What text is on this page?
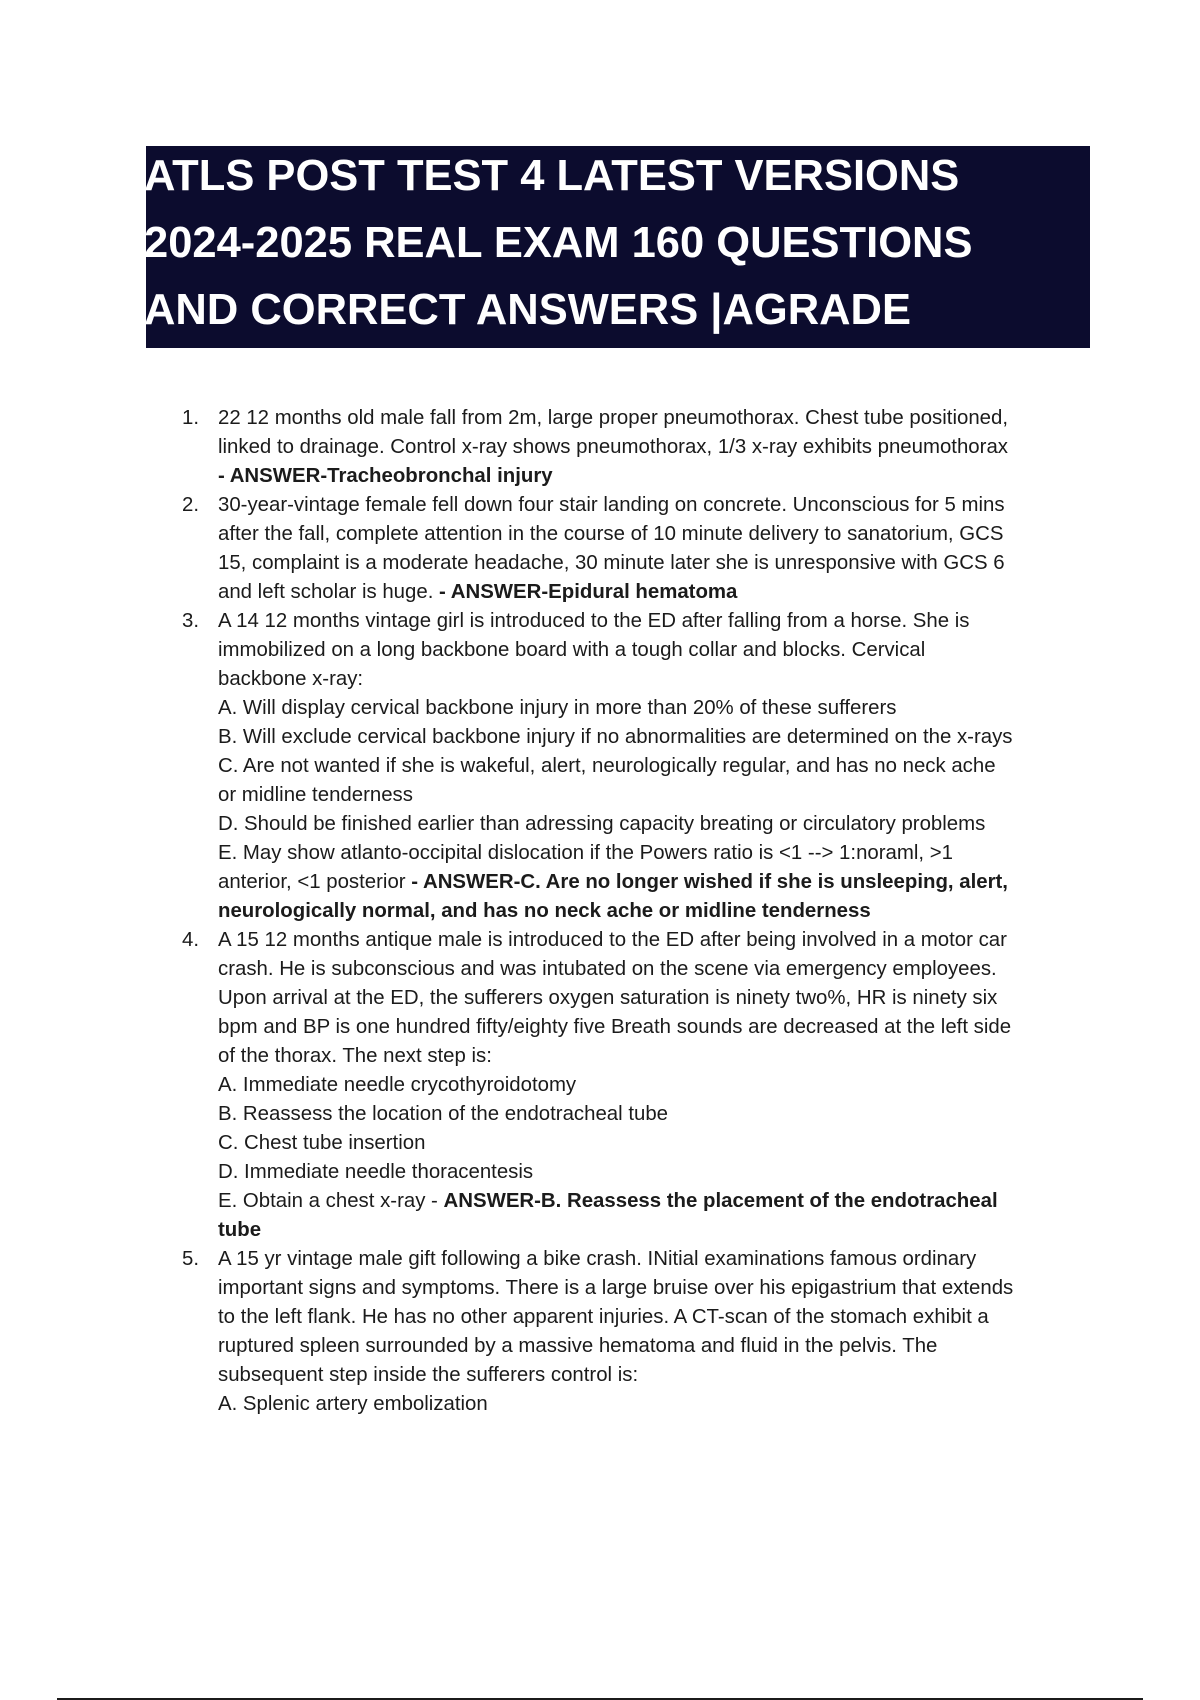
ATLS POST TEST 4 LATEST VERSIONS
2024-2025 REAL EXAM 160 QUESTIONS
AND CORRECT ANSWERS |AGRADE
1. 22 12 months old male fall from 2m, large proper pneumothorax. Chest tube positioned,
linked to drainage. Control x-ray shows pneumothorax, 1/3 x-ray exhibits pneumothorax
- ANSWER-Tracheobronchal injury
2. 30-year-vintage female fell down four stair landing on concrete. Unconscious for 5 mins
after the fall, complete attention in the course of 10 minute delivery to sanatorium, GCS
15, complaint is a moderate headache, 30 minute later she is unresponsive with GCS 6
and left scholar is huge. - ANSWER-Epidural hematoma
3. A 14 12 months vintage girl is introduced to the ED after falling from a horse. She is
immobilized on a long backbone board with a tough collar and blocks. Cervical
backbone x-ray:
A. Will display cervical backbone injury in more than 20% of these sufferers
B. Will exclude cervical backbone injury if no abnormalities are determined on the x-rays
C. Are not wanted if she is wakeful, alert, neurologically regular, and has no neck ache
or midline tenderness
D. Should be finished earlier than adressing capacity breating or circulatory problems
E. May show atlanto-occipital dislocation if the Powers ratio is <1 --> 1:noraml, >1
anterior, <1 posterior - ANSWER-C. Are no longer wished if she is unsleeping, alert,
neurologically normal, and has no neck ache or midline tenderness
4. A 15 12 months antique male is introduced to the ED after being involved in a motor car
crash. He is subconscious and was intubated on the scene via emergency employees.
Upon arrival at the ED, the sufferers oxygen saturation is ninety two%, HR is ninety six
bpm and BP is one hundred fifty/eighty five Breath sounds are decreased at the left side
of the thorax. The next step is:
A. Immediate needle crycothyroidotomy
B. Reassess the location of the endotracheal tube
C. Chest tube insertion
D. Immediate needle thoracentesis
E. Obtain a chest x-ray - ANSWER-B. Reassess the placement of the endotracheal
tube
5. A 15 yr vintage male gift following a bike crash. INitial examinations famous ordinary
important signs and symptoms. There is a large bruise over his epigastrium that extends
to the left flank. He has no other apparent injuries. A CT-scan of the stomach exhibit a
ruptured spleen surrounded by a massive hematoma and fluid in the pelvis. The
subsequent step inside the sufferers control is:
A. Splenic artery embolization
